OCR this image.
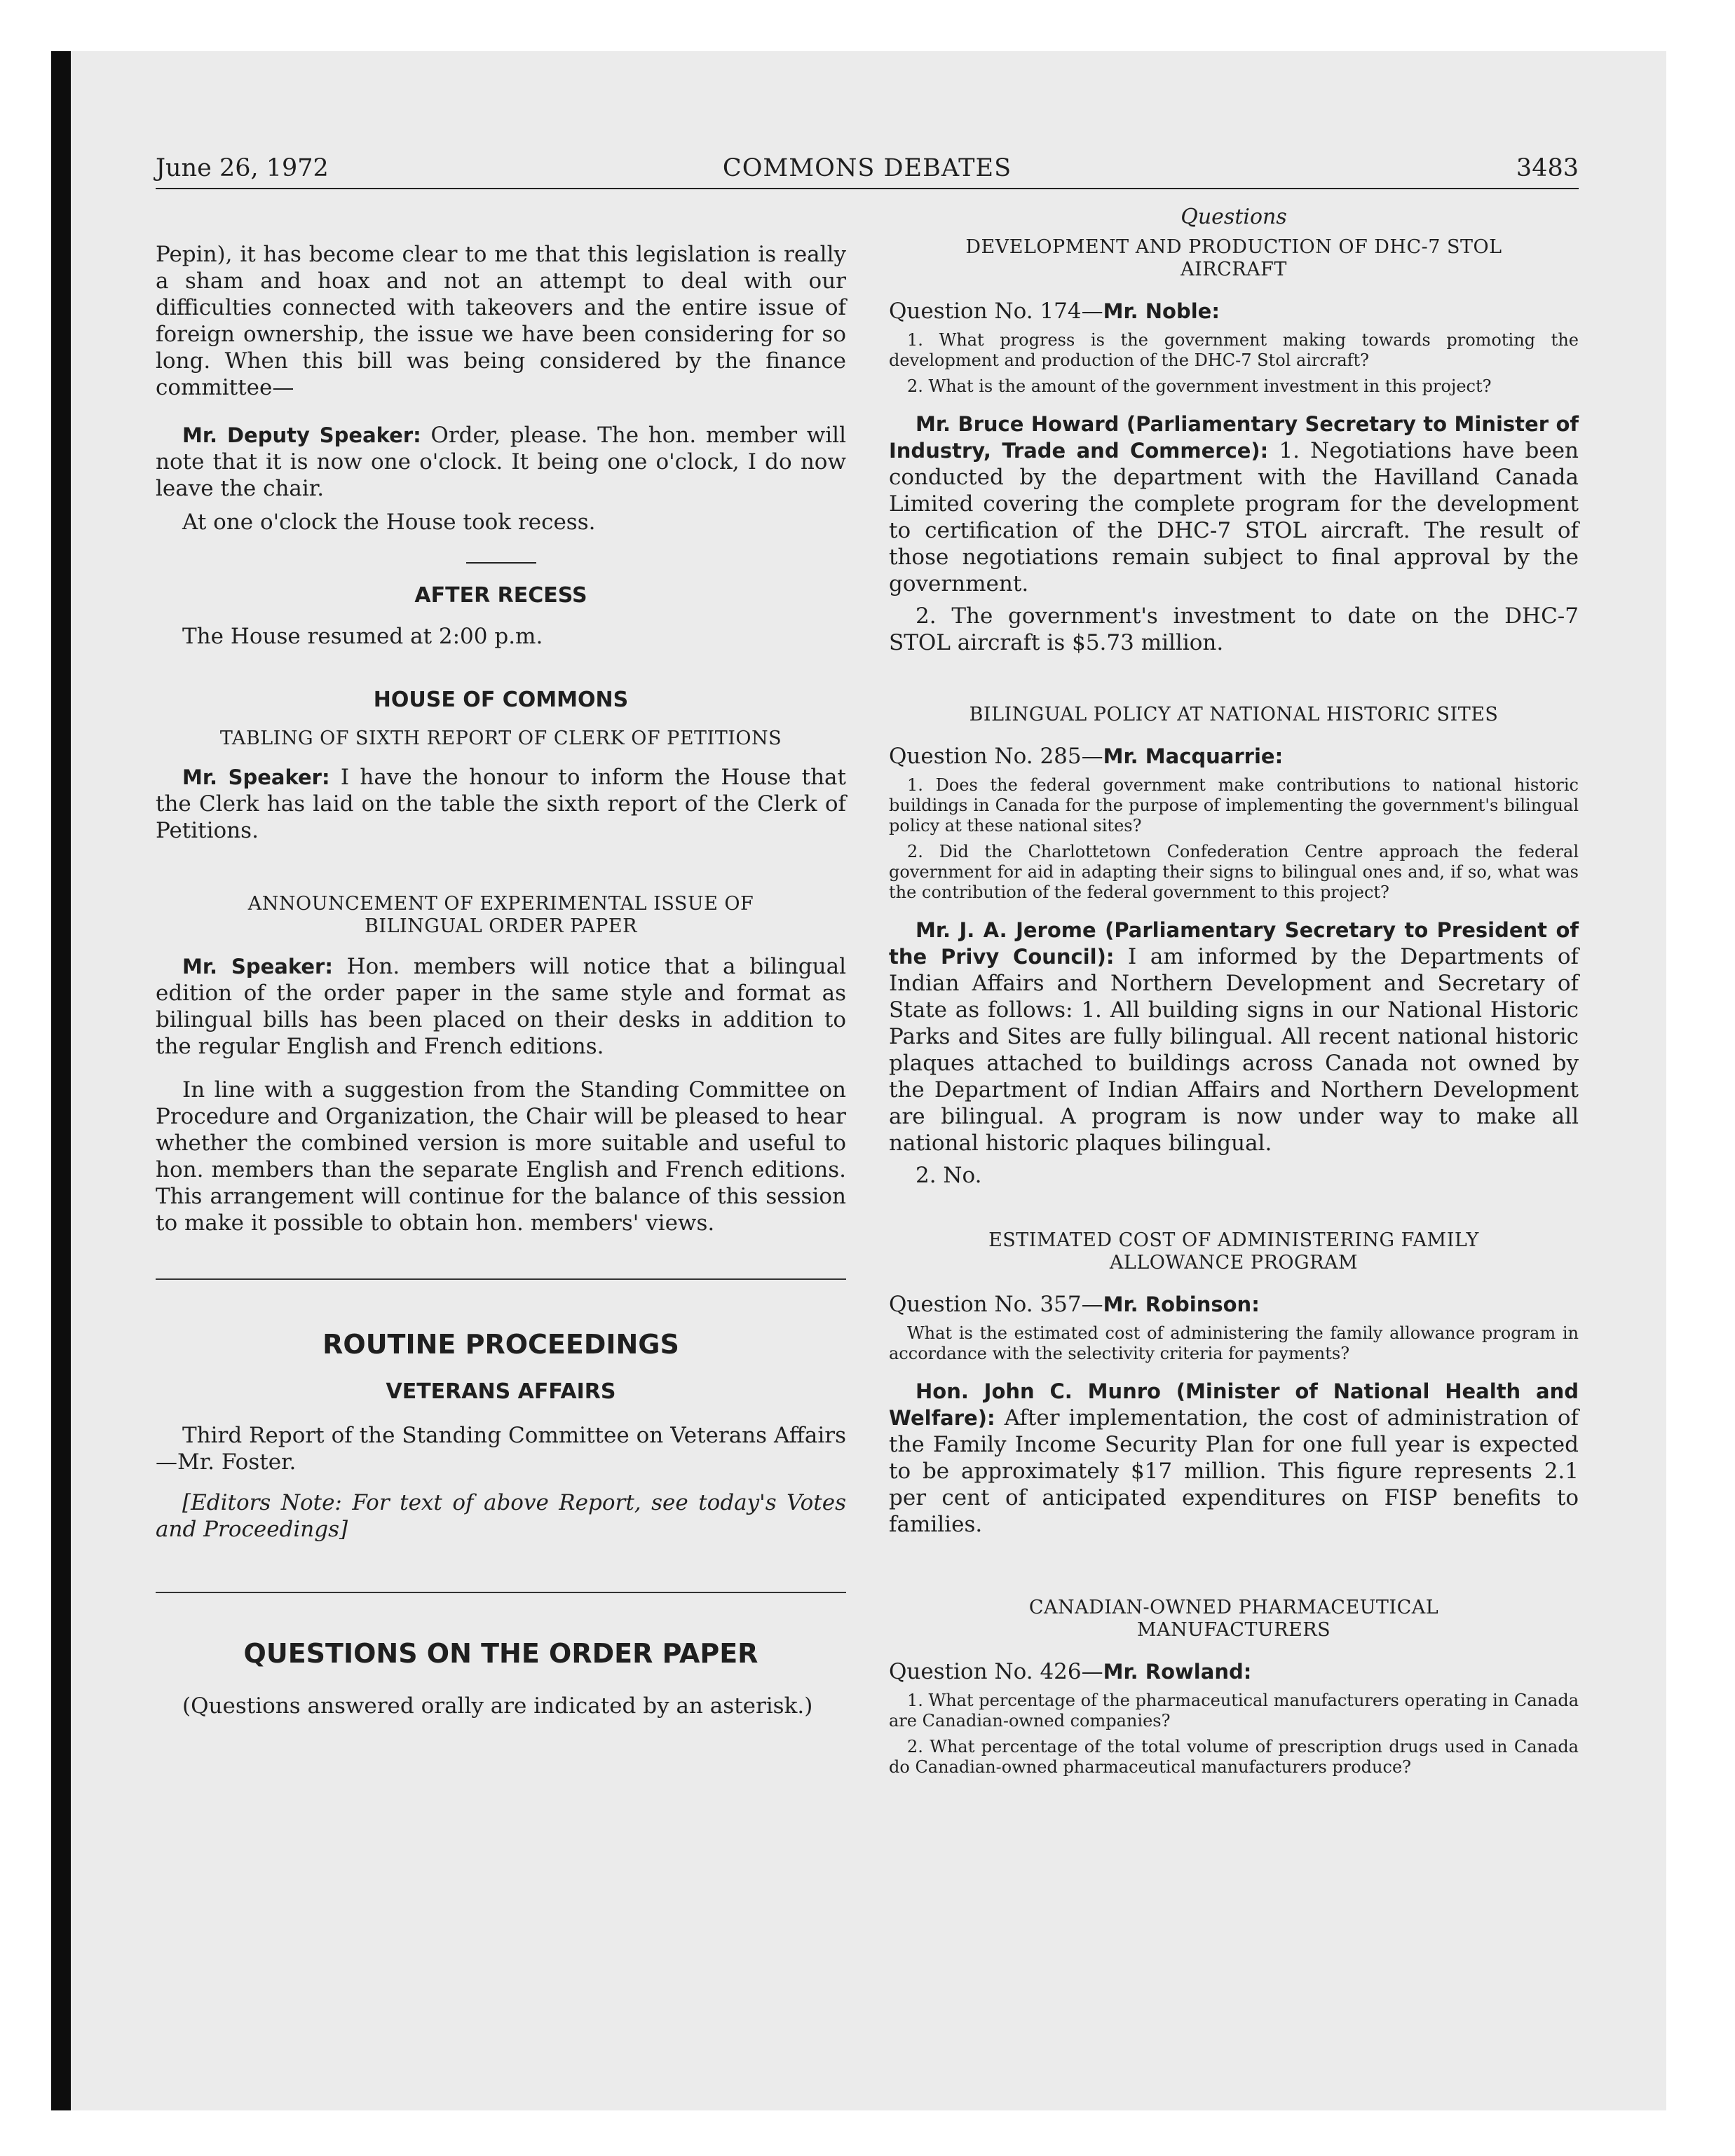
June 26, 1972	COMMONS DEBATES	3483

Pepin), it has become clear to me that this legislation is really a sham and hoax and not an attempt to deal with our difficulties connected with takeovers and the entire issue of foreign ownership, the issue we have been considering for so long. When this bill was being considered by the finance committee—

Mr. Deputy Speaker: Order, please. The hon. member will note that it is now one o'clock. It being one o'clock, I do now leave the chair.

At one o'clock the House took recess.

AFTER RECESS

The House resumed at 2:00 p.m.

HOUSE OF COMMONS
TABLING OF SIXTH REPORT OF CLERK OF PETITIONS

Mr. Speaker: I have the honour to inform the House that the Clerk has laid on the table the sixth report of the Clerk of Petitions.

ANNOUNCEMENT OF EXPERIMENTAL ISSUE OF BILINGUAL ORDER PAPER

Mr. Speaker: Hon. members will notice that a bilingual edition of the order paper in the same style and format as bilingual bills has been placed on their desks in addition to the regular English and French editions.

In line with a suggestion from the Standing Committee on Procedure and Organization, the Chair will be pleased to hear whether the combined version is more suitable and useful to hon. members than the separate English and French editions. This arrangement will continue for the balance of this session to make it possible to obtain hon. members' views.

ROUTINE PROCEEDINGS
VETERANS AFFAIRS

Third Report of the Standing Committee on Veterans Affairs—Mr. Foster.

[Editors Note: For text of above Report, see today's Votes and Proceedings]

QUESTIONS ON THE ORDER PAPER

(Questions answered orally are indicated by an asterisk.)

Questions
DEVELOPMENT AND PRODUCTION OF DHC-7 STOL AIRCRAFT

Question No. 174—Mr. Noble:

1. What progress is the government making towards promoting the development and production of the DHC-7 Stol aircraft?

2. What is the amount of the government investment in this project?

Mr. Bruce Howard (Parliamentary Secretary to Minister of Industry, Trade and Commerce): 1. Negotiations have been conducted by the department with the Havilland Canada Limited covering the complete program for the development to certification of the DHC-7 STOL aircraft. The result of those negotiations remain subject to final approval by the government.

2. The government's investment to date on the DHC-7 STOL aircraft is $5.73 million.

BILINGUAL POLICY AT NATIONAL HISTORIC SITES

Question No. 285—Mr. Macquarrie:

1. Does the federal government make contributions to national historic buildings in Canada for the purpose of implementing the government's bilingual policy at these national sites?

2. Did the Charlottetown Confederation Centre approach the federal government for aid in adapting their signs to bilingual ones and, if so, what was the contribution of the federal government to this project?

Mr. J. A. Jerome (Parliamentary Secretary to President of the Privy Council): I am informed by the Departments of Indian Affairs and Northern Development and Secretary of State as follows: 1. All building signs in our National Historic Parks and Sites are fully bilingual. All recent national historic plaques attached to buildings across Canada not owned by the Department of Indian Affairs and Northern Development are bilingual. A program is now under way to make all national historic plaques bilingual.

2. No.

ESTIMATED COST OF ADMINISTERING FAMILY ALLOWANCE PROGRAM

Question No. 357—Mr. Robinson:

What is the estimated cost of administering the family allowance program in accordance with the selectivity criteria for payments?

Hon. John C. Munro (Minister of National Health and Welfare): After implementation, the cost of administration of the Family Income Security Plan for one full year is expected to be approximately $17 million. This figure represents 2.1 per cent of anticipated expenditures on FISP benefits to families.

CANADIAN-OWNED PHARMACEUTICAL MANUFACTURERS

Question No. 426—Mr. Rowland:

1. What percentage of the pharmaceutical manufacturers operating in Canada are Canadian-owned companies?

2. What percentage of the total volume of prescription drugs used in Canada do Canadian-owned pharmaceutical manufacturers produce?
